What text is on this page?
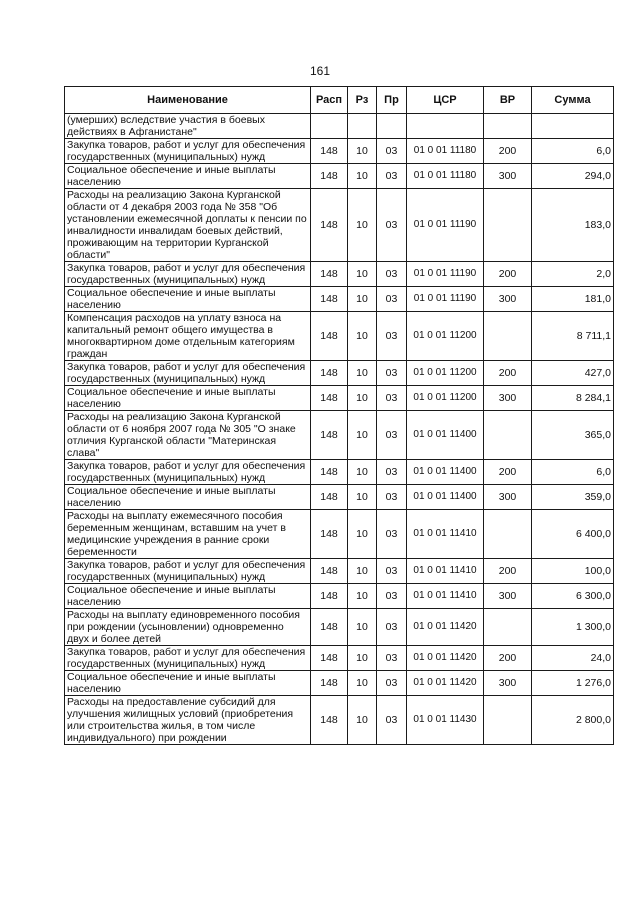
161
Наименование	Расп	Рз	Пр	ЦСР	ВР	Сумма
(умерших) вследствие участия в боевых действиях в Афганистане"						
Закупка товаров, работ и услуг для обеспечения государственных (муниципальных) нужд	148	10	03	01 0 01 11180	200	6,0
Социальное обеспечение и иные выплаты населению	148	10	03	01 0 01 11180	300	294,0
Расходы на реализацию Закона Курганской области от 4 декабря 2003 года № 358 "Об установлении ежемесячной доплаты к пенсии по инвалидности инвалидам боевых действий, проживающим на территории Курганской области"	148	10	03	01 0 01 11190		183,0
Закупка товаров, работ и услуг для обеспечения государственных (муниципальных) нужд	148	10	03	01 0 01 11190	200	2,0
Социальное обеспечение и иные выплаты населению	148	10	03	01 0 01 11190	300	181,0
Компенсация расходов на уплату взноса на капитальный ремонт общего имущества в многоквартирном доме отдельным категориям граждан	148	10	03	01 0 01 11200		8 711,1
Закупка товаров, работ и услуг для обеспечения государственных (муниципальных) нужд	148	10	03	01 0 01 11200	200	427,0
Социальное обеспечение и иные выплаты населению	148	10	03	01 0 01 11200	300	8 284,1
Расходы на реализацию Закона Курганской области от 6 ноября 2007 года № 305 "О знаке отличия Курганской области "Материнская слава"	148	10	03	01 0 01 11400		365,0
Закупка товаров, работ и услуг для обеспечения государственных (муниципальных) нужд	148	10	03	01 0 01 11400	200	6,0
Социальное обеспечение и иные выплаты населению	148	10	03	01 0 01 11400	300	359,0
Расходы на выплату ежемесячного пособия беременным женщинам, вставшим на учет в медицинские учреждения в ранние сроки беременности	148	10	03	01 0 01 11410		6 400,0
Закупка товаров, работ и услуг для обеспечения государственных (муниципальных) нужд	148	10	03	01 0 01 11410	200	100,0
Социальное обеспечение и иные выплаты населению	148	10	03	01 0 01 11410	300	6 300,0
Расходы на выплату единовременного пособия при рождении (усыновлении) одновременно двух и более детей	148	10	03	01 0 01 11420		1 300,0
Закупка товаров, работ и услуг для обеспечения государственных (муниципальных) нужд	148	10	03	01 0 01 11420	200	24,0
Социальное обеспечение и иные выплаты населению	148	10	03	01 0 01 11420	300	1 276,0
Расходы на предоставление субсидий для улучшения жилищных условий (приобретения или строительства жилья, в том числе индивидуального) при рождении	148	10	03	01 0 01 11430		2 800,0
